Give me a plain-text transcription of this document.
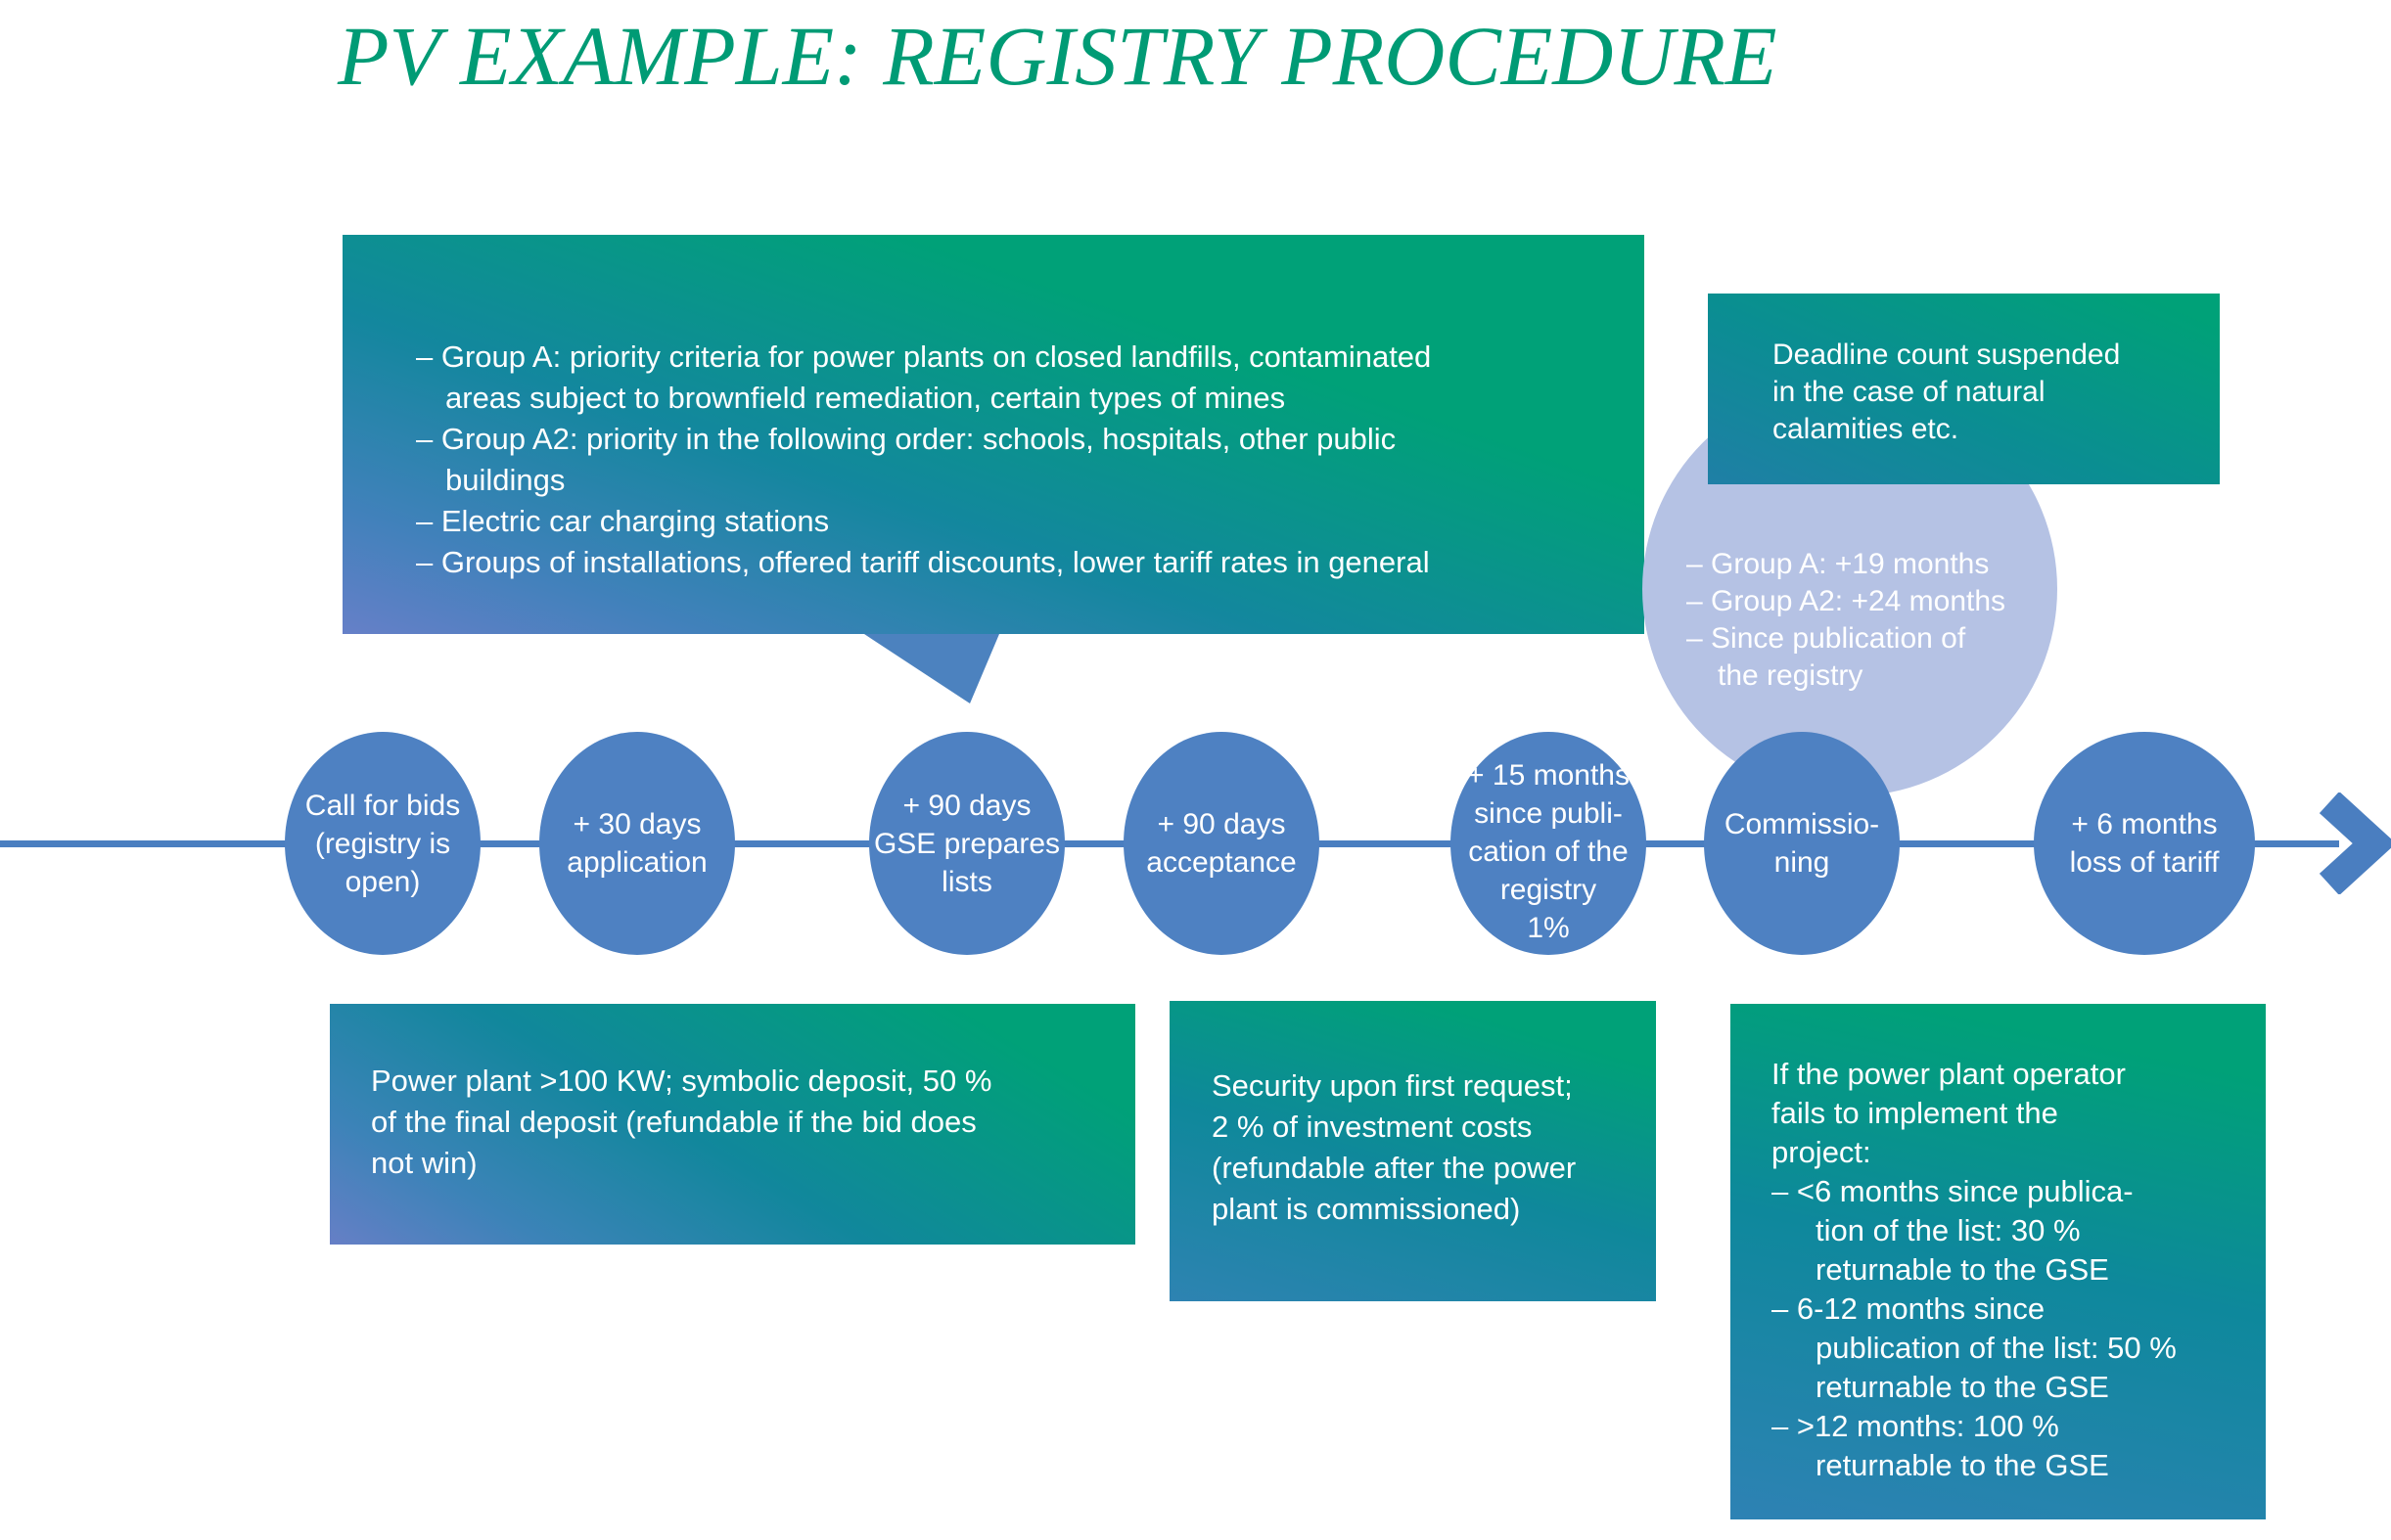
PV EXAMPLE: REGISTRY PROCEDURE
– Group A: priority criteria for power plants on closed landfills, contaminated
areas subject to brownfield remediation, certain types of mines
– Group A2: priority in the following order: schools, hospitals, other public
buildings
– Electric car charging stations
– Groups of installations, offered tariff discounts, lower tariff rates in general	– Group A: +19 months
– Group A2: +24 months
– Since publication of
the registry
Deadline count suspended
in the case of natural
calamities etc.
Call for bids
(registry is
open)
+ 30 days
application
+ 90 days
GSE prepares
lists
+ 90 days
acceptance
+ 15 months
since publi-
cation of the
registry
1%
Commissio-
ning
+ 6 months
loss of tariff
Power plant >100 KW; symbolic deposit, 50 %
of the final deposit (refundable if the bid does
not win)
Security upon first request;
2 % of investment costs
(refundable after the power
plant is commissioned)
If the power plant operator
fails to implement the
project:
– <6 months since publica-
tion of the list: 30 %
returnable to the GSE
– 6-12 months since
publication of the list: 50 %
returnable to the GSE
– >12 months: 100 %
returnable to the GSE
